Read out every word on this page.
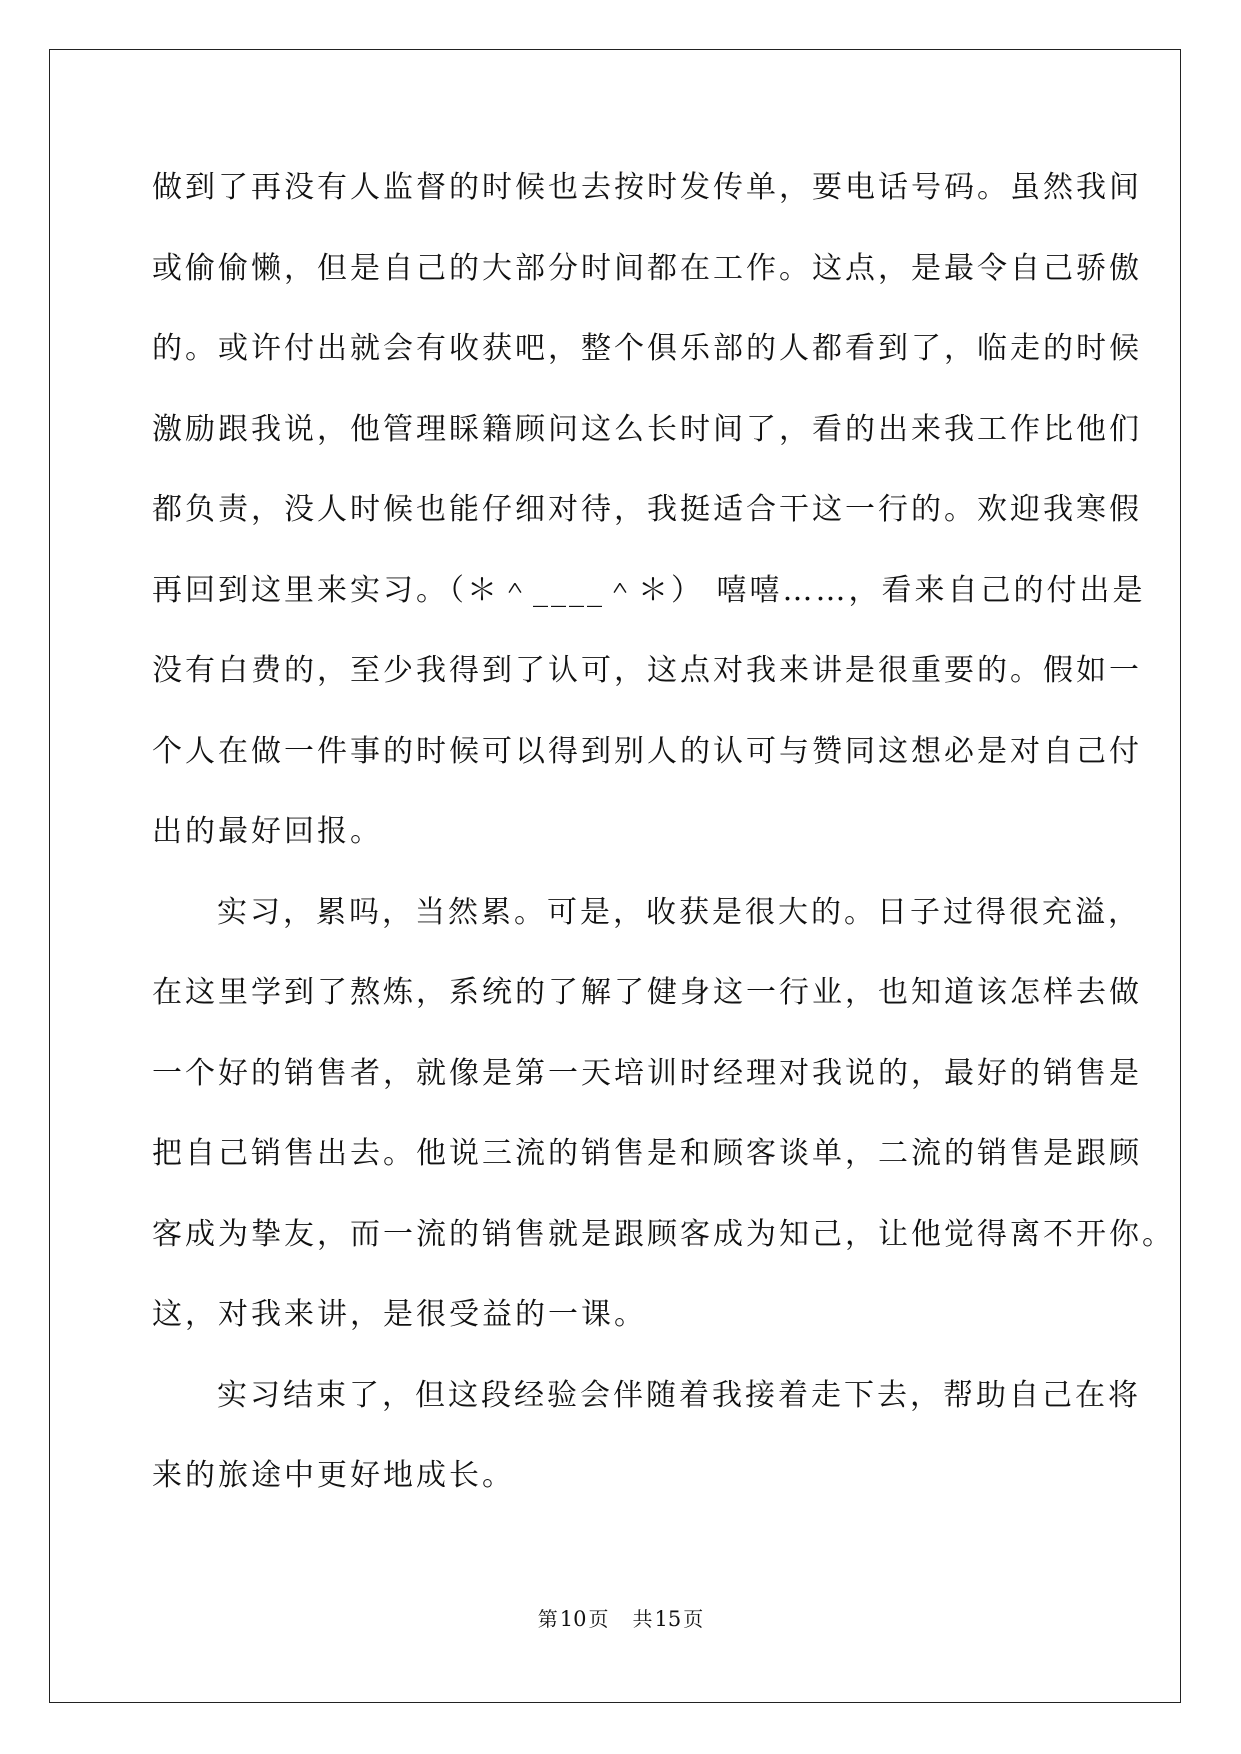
做到了再没有人监督的时候也去按时发传单，要电话号码。虽然我间
或偷偷懒，但是自己的大部分时间都在工作。这点，是最令自己骄傲
的。或许付出就会有收获吧，整个俱乐部的人都看到了，临走的时候
激励跟我说，他管理睬籍顾问这么长时间了，看的出来我工作比他们
都负责，没人时候也能仔细对待，我挺适合干这一行的。欢迎我寒假
再回到这里来实习。（＊＾____＾＊） 嘻嘻……，看来自己的付出是
没有白费的，至少我得到了认可，这点对我来讲是很重要的。假如一
个人在做一件事的时候可以得到别人的认可与赞同这想必是对自己付
出的最好回报。
实习，累吗，当然累。可是，收获是很大的。日子过得很充溢，
在这里学到了熬炼，系统的了解了健身这一行业，也知道该怎样去做
一个好的销售者，就像是第一天培训时经理对我说的，最好的销售是
把自己销售出去。他说三流的销售是和顾客谈单，二流的销售是跟顾
客成为挚友，而一流的销售就是跟顾客成为知己，让他觉得离不开你。
这，对我来讲，是很受益的一课。
实习结束了，但这段经验会伴随着我接着走下去，帮助自己在将
来的旅途中更好地成长。
第10 页 共15 页
